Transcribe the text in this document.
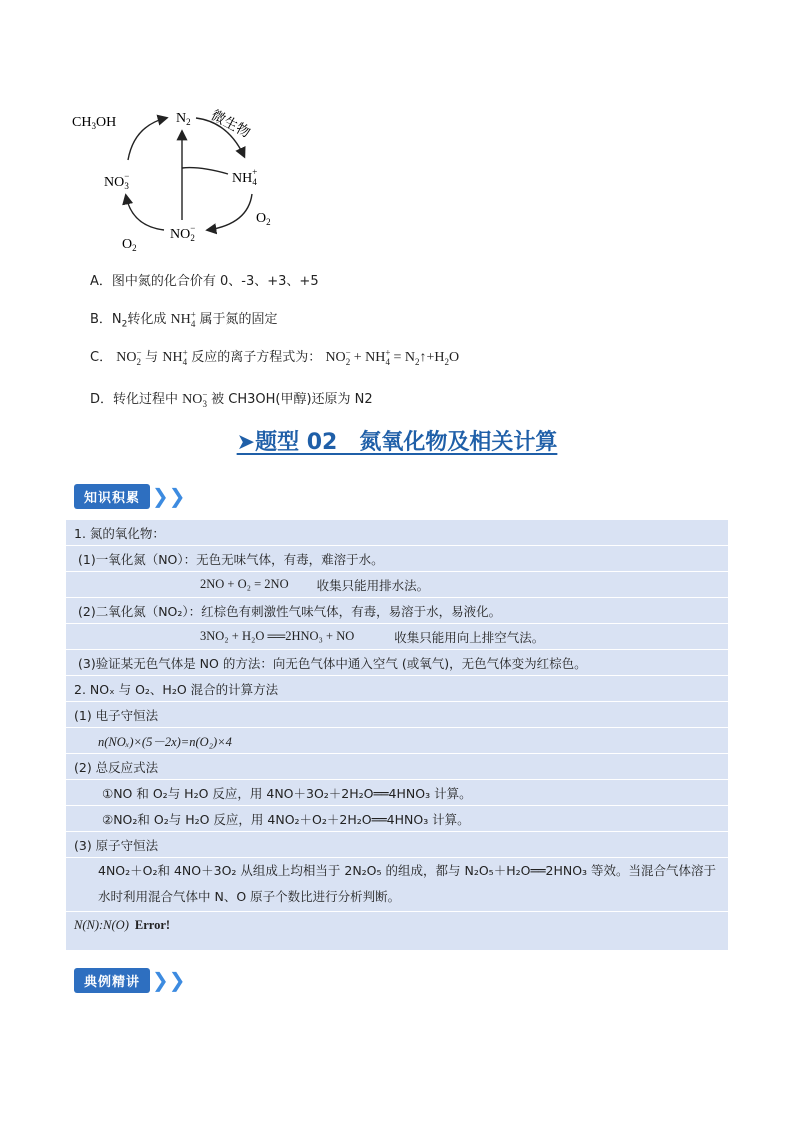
$CH_3OH$	$N_2$
NH+ 4
NO− 3
NO− 2
$O_2$
$O_2$
微生物
A．图中氮的化合价有 0、-3、+3、+5
B．$N_2$转化成 $NH^+_4$ 属于氮的固定
C． $NO^-_2$ 与 $NH^+_4$ 反应的离子方程式为： $NO^-_2 + NH^+_4$ = $N_2↑+H_2O$
D．转化过程中 $NO^-_3$ 被 CH3OH(甲醇)还原为 N2
➤题型 02　氮氧化物及相关计算
知识积累 ❯❯
1. 氮的氧化物：
(1)一氧化氮（NO）：无色无味气体，有毒，难溶于水。
2NO + O₂ = 2NO	收集只能用排水法。
(2)二氧化氮（NO₂）：红棕色有刺激性气味气体，有毒，易溶于水，易液化。
3NO₂ + H₂O ══2HNO₃ + NO	收集只能用向上排空气法。
(3)验证某无色气体是 NO 的方法：向无色气体中通入空气 (或氧气)，无色气体变为红棕色。
2. NOₓ 与 O₂、H₂O 混合的计算方法
(1) 电子守恒法
n(NOₓ)×(5－2x)=n(O₂)×4
(2) 总反应式法
①NO 和 O₂与 H₂O 反应，用 4NO＋3O₂＋2H₂O══4HNO₃ 计算。
②NO₂和 O₂与 H₂O 反应，用 4NO₂＋O₂＋2H₂O══4HNO₃ 计算。
(3) 原子守恒法
4NO₂＋O₂和 4NO＋3O₂ 从组成上均相当于 2N₂O₅ 的组成，都与 N₂O₅＋H₂O══2HNO₃ 等效。当混合气体溶于水时利用混合气体中 N、O 原子个数比进行分析判断。
N(N):N(O) Error!
典例精讲 ❯❯
